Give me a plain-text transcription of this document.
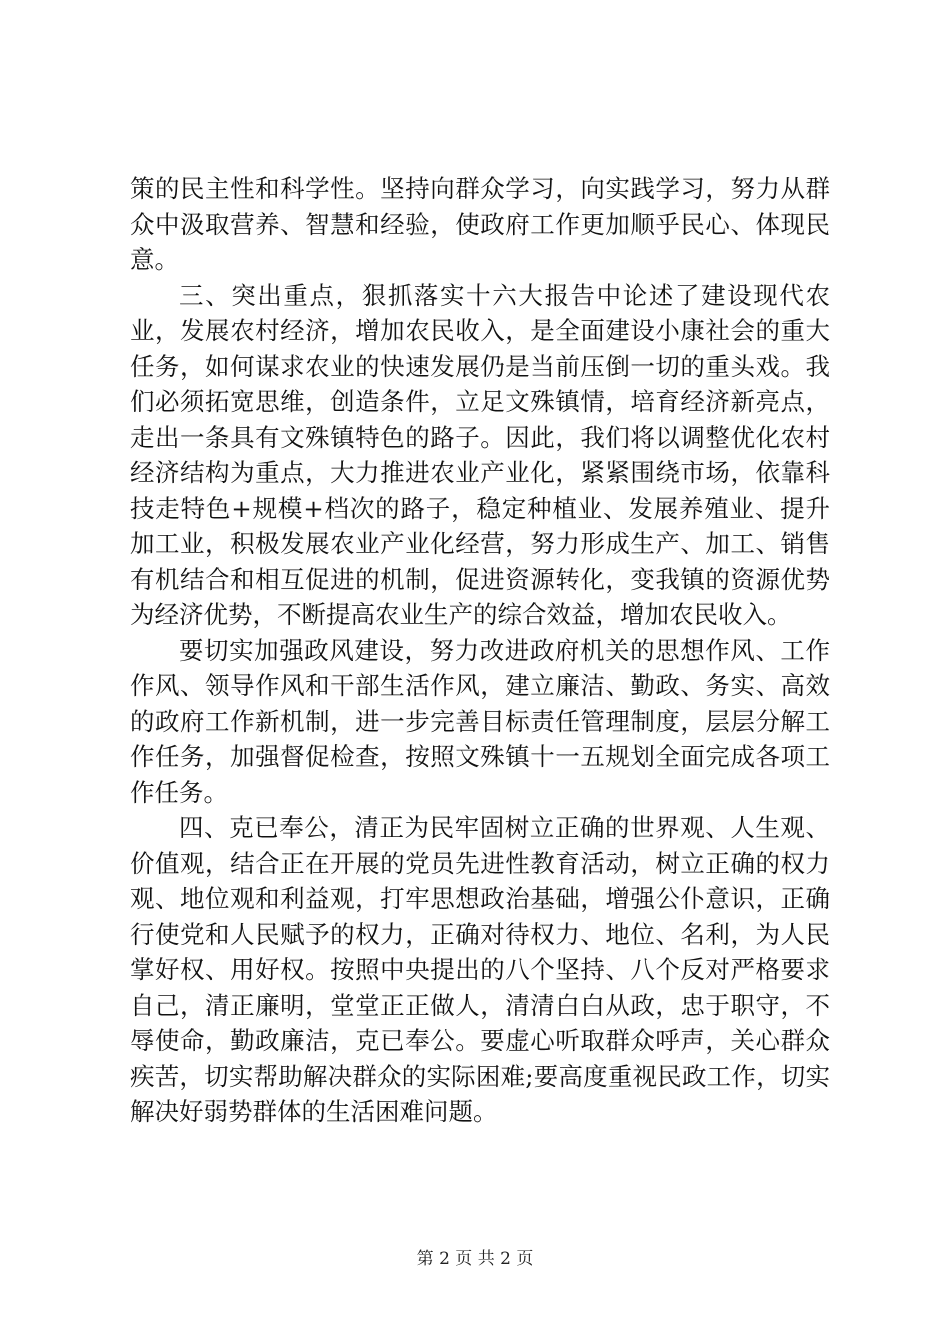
策的民主性和科学性。坚持向群众学习，向实践学习，努力从群众中汲取营养、智慧和经验，使政府工作更加顺乎民心、体现民意。

三、突出重点，狠抓落实十六大报告中论述了建设现代农业，发展农村经济，增加农民收入，是全面建设小康社会的重大任务，如何谋求农业的快速发展仍是当前压倒一切的重头戏。我们必须拓宽思维，创造条件，立足文殊镇情，培育经济新亮点，走出一条具有文殊镇特色的路子。因此，我们将以调整优化农村经济结构为重点，大力推进农业产业化，紧紧围绕市场，依靠科技走特色+规模+档次的路子，稳定种植业、发展养殖业、提升加工业，积极发展农业产业化经营，努力形成生产、加工、销售有机结合和相互促进的机制，促进资源转化，变我镇的资源优势为经济优势，不断提高农业生产的综合效益，增加农民收入。

要切实加强政风建设，努力改进政府机关的思想作风、工作作风、领导作风和干部生活作风，建立廉洁、勤政、务实、高效的政府工作新机制，进一步完善目标责任管理制度，层层分解工作任务，加强督促检查，按照文殊镇十一五规划全面完成各项工作任务。

四、克已奉公，清正为民牢固树立正确的世界观、人生观、价值观，结合正在开展的党员先进性教育活动，树立正确的权力观、地位观和利益观，打牢思想政治基础，增强公仆意识，正确行使党和人民赋予的权力，正确对待权力、地位、名利，为人民掌好权、用好权。按照中央提出的八个坚持、八个反对严格要求自己，清正廉明，堂堂正正做人，清清白白从政，忠于职守，不辱使命，勤政廉洁，克已奉公。要虚心听取群众呼声，关心群众疾苦，切实帮助解决群众的实际困难;要高度重视民政工作，切实解决好弱势群体的生活困难问题。

第 2 页 共 2 页
